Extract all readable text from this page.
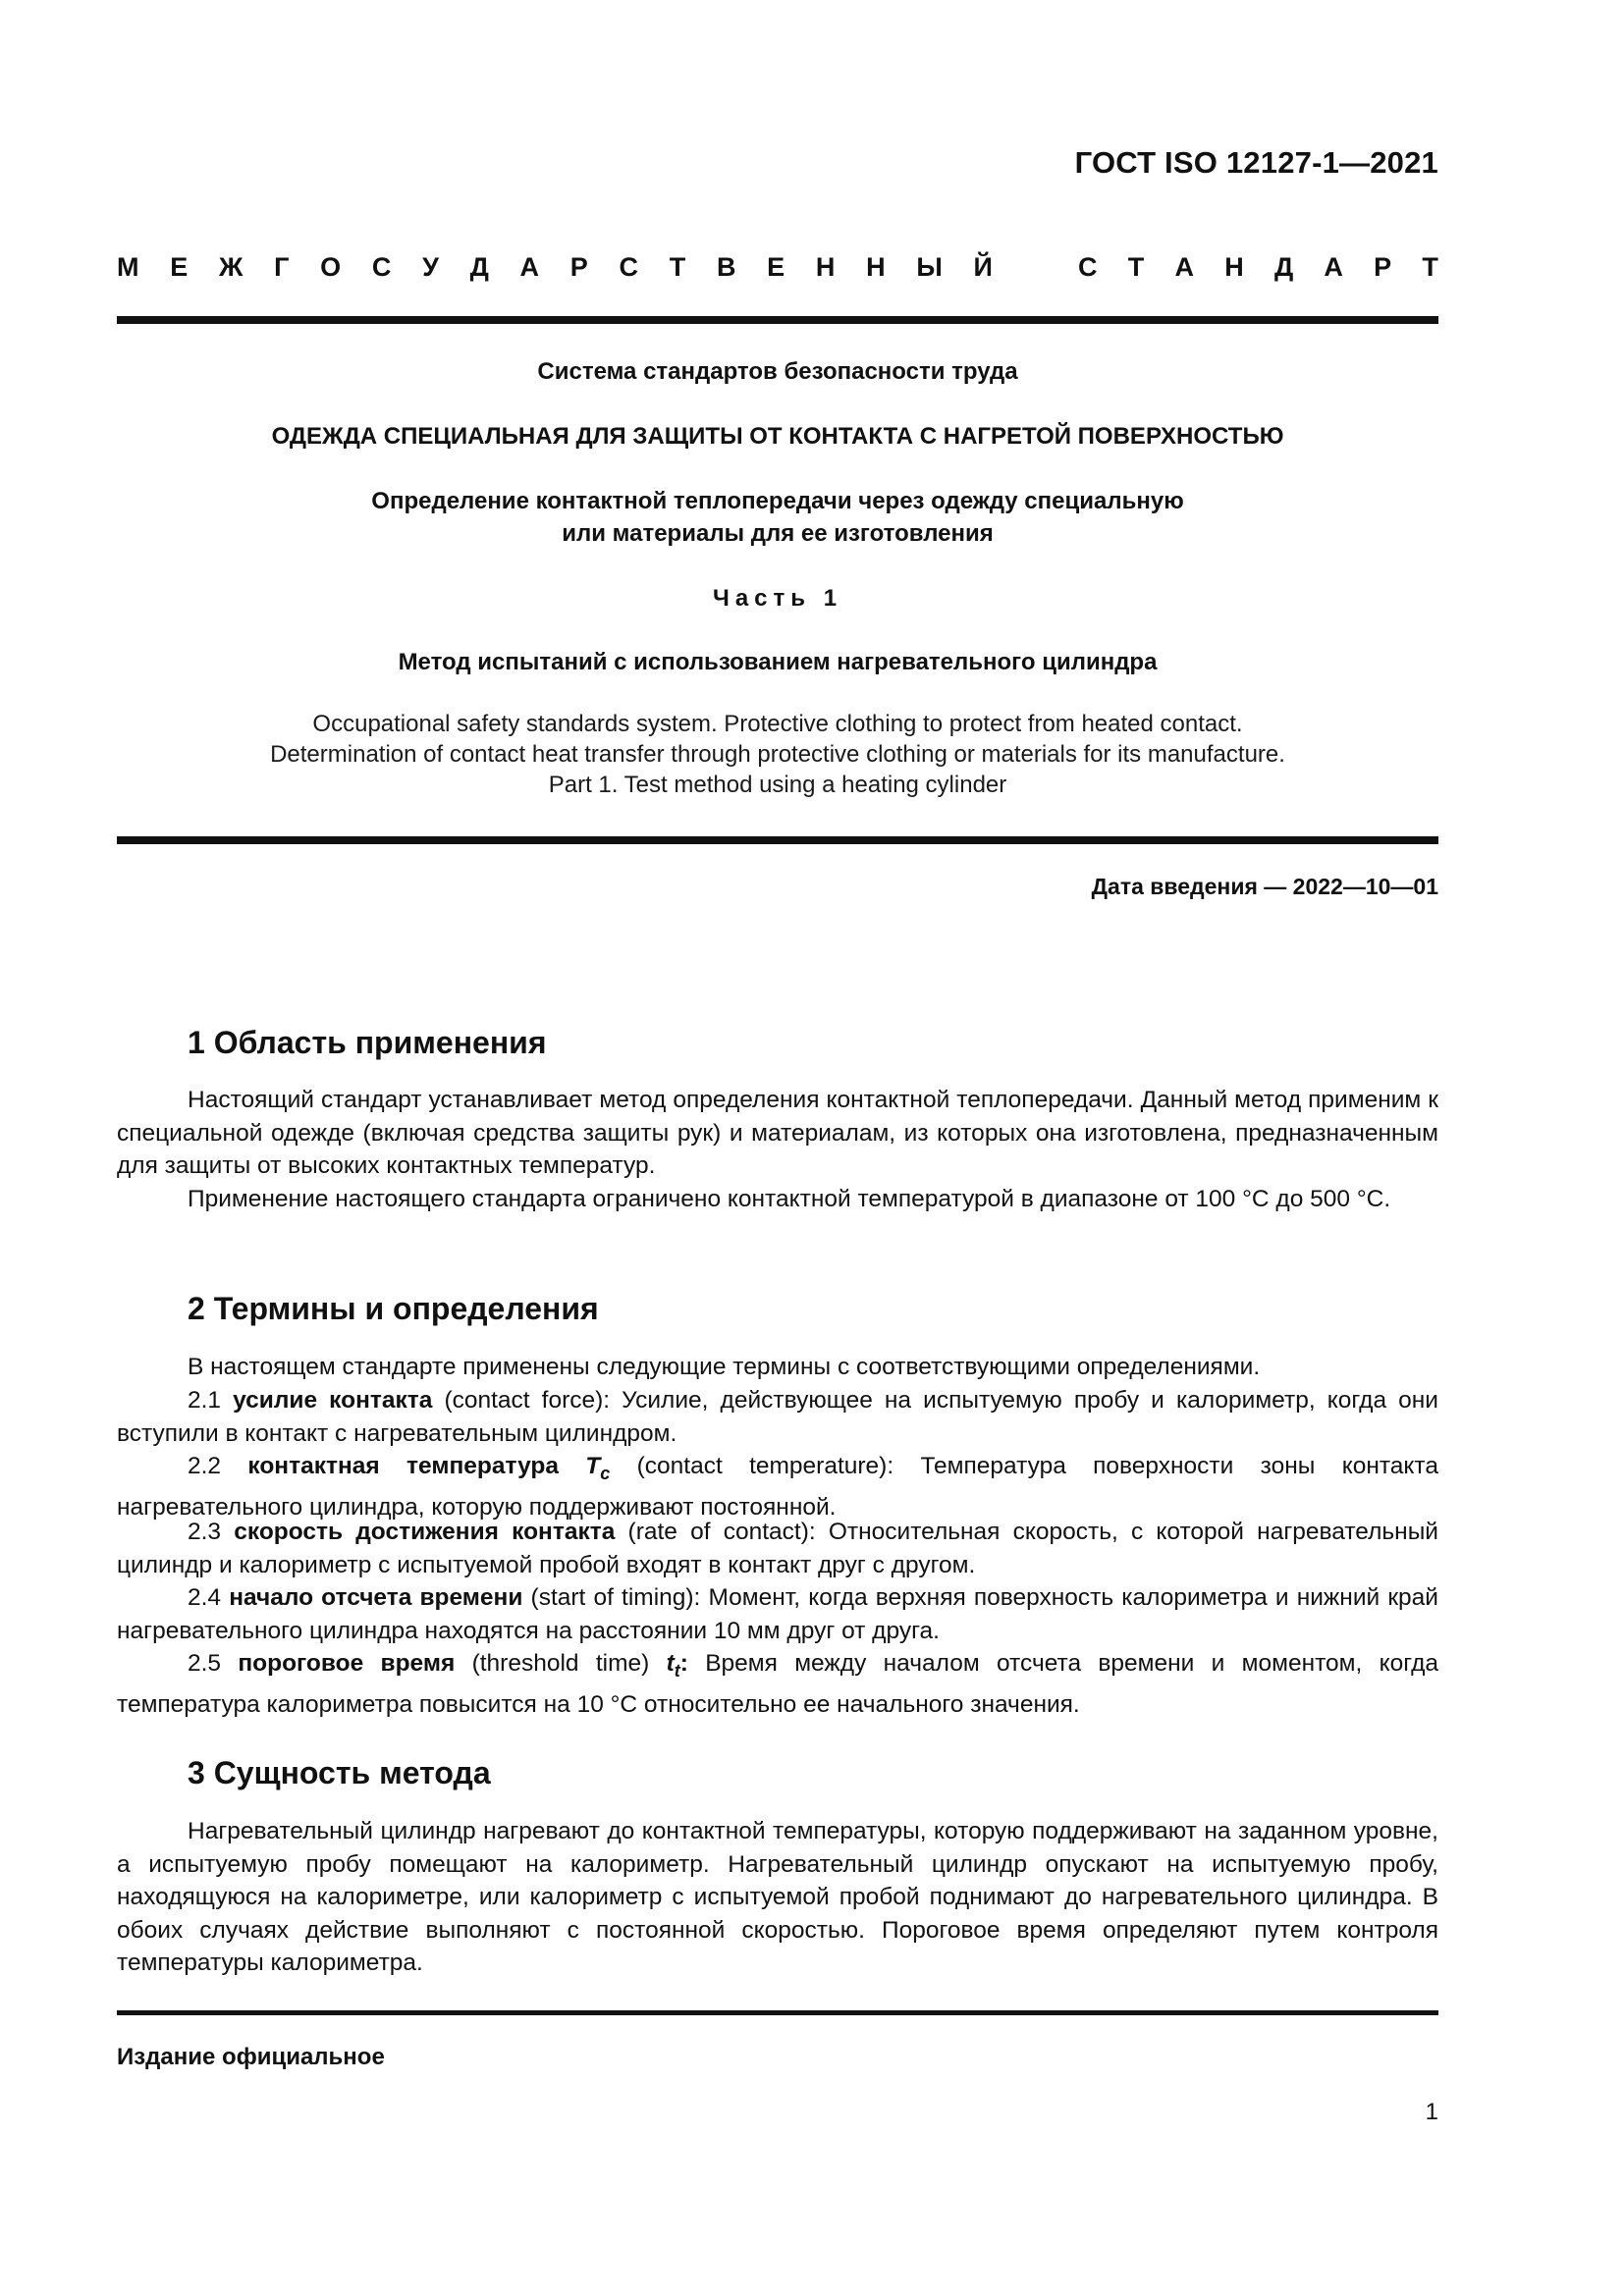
ГОСТ ISO 12127-1—2021
М Е Ж Г О С У Д А Р С Т В Е Н Н Ы Й	С Т А Н Д А Р Т
Система стандартов безопасности труда
ОДЕЖДА СПЕЦИАЛЬНАЯ ДЛЯ ЗАЩИТЫ ОТ КОНТАКТА С НАГРЕТОЙ ПОВЕРХНОСТЬЮ
Определение контактной теплопередачи через одежду специальную
или материалы для ее изготовления
Часть 1
Метод испытаний с использованием нагревательного цилиндра
Occupational safety standards system. Protective clothing to protect from heated contact.
Determination of contact heat transfer through protective clothing or materials for its manufacture.
Part 1. Test method using a heating cylinder
Дата введения — 2022—10—01
1 Область применения

Настоящий стандарт устанавливает метод определения контактной теплопередачи. Данный метод применим к специальной одежде (включая средства защиты рук) и материалам, из которых она изготовлена, предназначенным для защиты от высоких контактных температур.

Применение настоящего стандарта ограничено контактной температурой в диапазоне от 100 °С до 500 °С.

2 Термины и определения

В настоящем стандарте применены следующие термины с соответствующими определениями.

2.1 усилие контакта (contact force): Усилие, действующее на испытуемую пробу и калориметр, когда они вступили в контакт с нагревательным цилиндром.

2.2 контактная температура $T_c$ (contact temperature): Температура поверхности зоны контакта нагревательного цилиндра, которую поддерживают постоянной.

2.3 скорость достижения контакта (rate of contact): Относительная скорость, с которой нагревательный цилиндр и калориметр с испытуемой пробой входят в контакт друг с другом.

2.4 начало отсчета времени (start of timing): Момент, когда верхняя поверхность калориметра и нижний край нагревательного цилиндра находятся на расстоянии 10 мм друг от друга.

2.5 пороговое время (threshold time) $t_t$: Время между началом отсчета времени и моментом, когда температура калориметра повысится на 10 °С относительно ее начального значения.

3 Сущность метода

Нагревательный цилиндр нагревают до контактной температуры, которую поддерживают на заданном уровне, а испытуемую пробу помещают на калориметр. Нагревательный цилиндр опускают на испытуемую пробу, находящуюся на калориметре, или калориметр с испытуемой пробой поднимают до нагревательного цилиндра. В обоих случаях действие выполняют с постоянной скоростью. Пороговое время определяют путем контроля температуры калориметра.

Издание официальное
1
